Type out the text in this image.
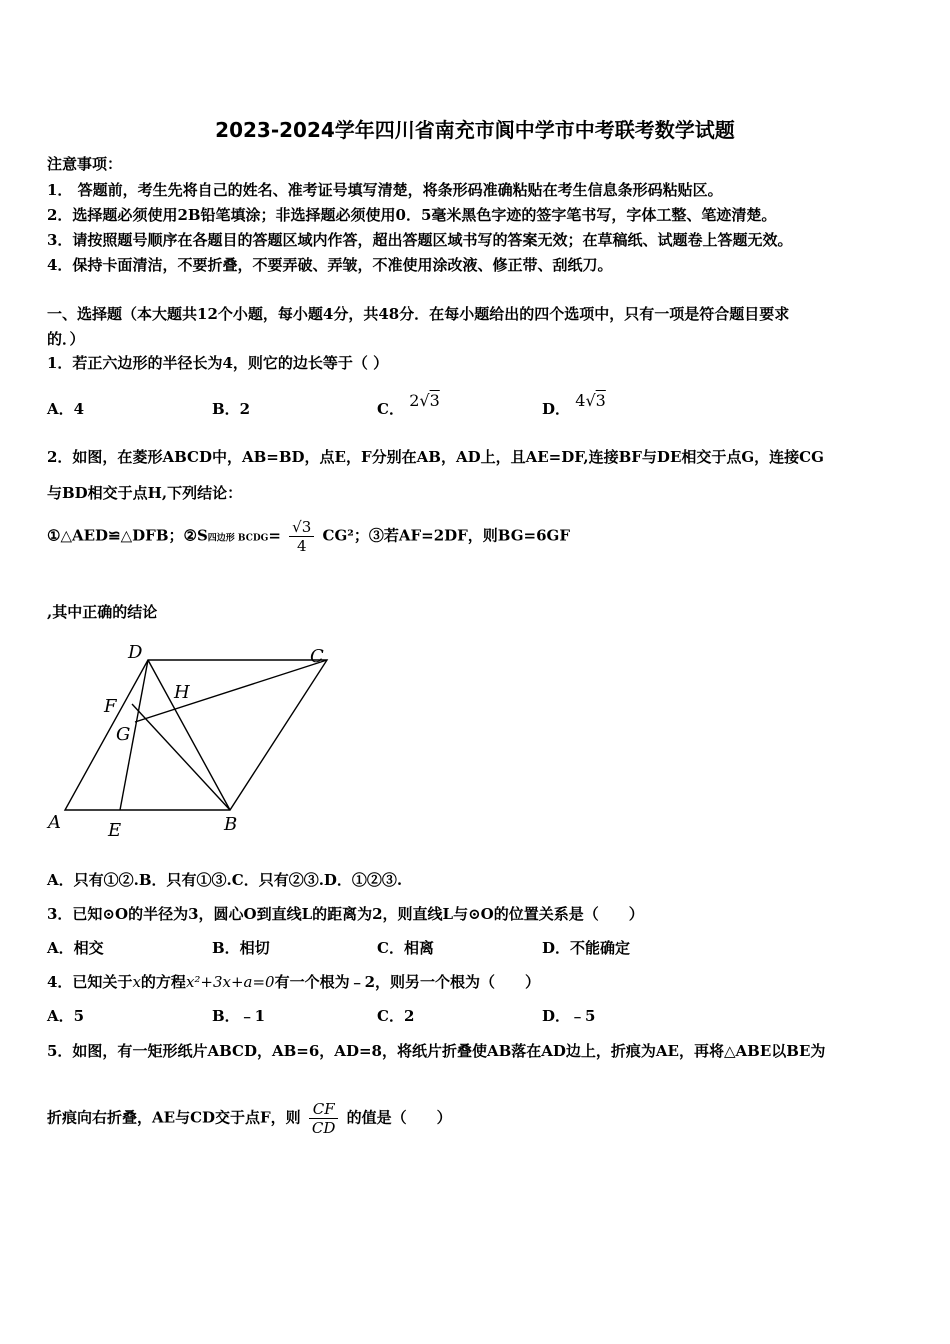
2023-2024学年四川省南充市阆中学市中考联考数学试题
注意事项：
1． 答题前，考生先将自己的姓名、准考证号填写清楚，将条形码准确粘贴在考生信息条形码粘贴区。
2．选择题必须使用2B铅笔填涂；非选择题必须使用0．5毫米黑色字迹的签字笔书写，字体工整、笔迹清楚。
3．请按照题号顺序在各题目的答题区域内作答，超出答题区域书写的答案无效；在草稿纸、试题卷上答题无效。
4．保持卡面清洁，不要折叠，不要弄破、弄皱，不准使用涂改液、修正带、刮纸刀。
一、选择题（本大题共12个小题，每小题4分，共48分．在每小题给出的四个选项中，只有一项是符合题目要求
的．）
1．若正六边形的半径长为4，则它的边长等于（ ）
A．4	B．2	C． 2√3	D． 4√3
2．如图，在菱形ABCD中，AB=BD，点E，F分别在AB，AD上，且AE=DF,连接BF与DE相交于点G，连接CG
与BD相交于点H,下列结论：
①△AED≌△DFB；②S四边形 BCDG= $\frac{√3}{4} CG^2$；③若AF=2DF，则BG=6GF
,其中正确的结论
D	C
H
F
G
A	E	B
A．只有①②.B．只有①③.C．只有②③.D．①②③.
3．已知⊙O的半径为3，圆心O到直线L的距离为2，则直线L与⊙O的位置关系是（　　）
A．相交	B．相切	C．相离	D．不能确定
4．已知关于x的方程x²+3x+a=0有一个根为﹣2，则另一个根为（　　）
A．5	B．﹣1	C．2	D．﹣5
5．如图，有一矩形纸片ABCD，AB=6，AD=8，将纸片折叠使AB落在AD边上，折痕为AE，再将△ABE以BE为
折痕向右折叠，AE与CD交于点F，则 $\frac{CF}{CD}$ 的值是（　　）
